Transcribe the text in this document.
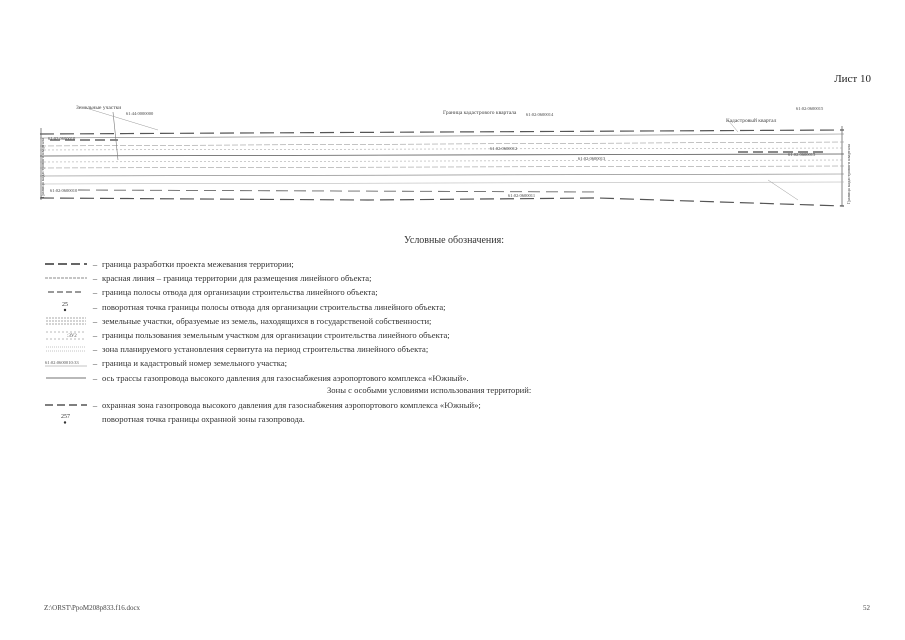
Лист 10
Земельные участки
61:44:0000000	Граница кадастрового квартала 61:02:0600014
Кадастровый квартал
61:02:0600015
61:02:0600010
61:02:0600012
61:02:0600013
61:02:0600015
61:02:0600010
61:02:0600011
Граница кадастрового квартала	Граница кадастрового квартала
Условные обозначения:
– граница разработки проекта межевания территории;
– красная линия – граница территории для размещения линейного объекта;
– граница полосы отвода для организации строительства линейного объекта;
25	– поворотная точка границы полосы отвода для организации строительства линейного объекта;
– земельные участки, образуемые из земель, находящихся в государственой собственности;
:ЗУ2	– границы пользования земельным участком для организации строительства линейного объекта;
– зона планируемого установления сервитута на период строительства линейного объекта;
61:02:0600010:33	– граница и кадастровый номер земельного участка;
– ось трассы газопровода высокого давления для газоснабжения аэропортового комплекса «Южный».
Зоны с особыми условиями использования территорий:
– охранная зона газопровода высокого давления для газоснабжения аэропортового комплекса «Южный»;
257	поворотная точка границы охранной зоны газопровода.
Z:\ORST\PpoM208p833.f16.docx	52
